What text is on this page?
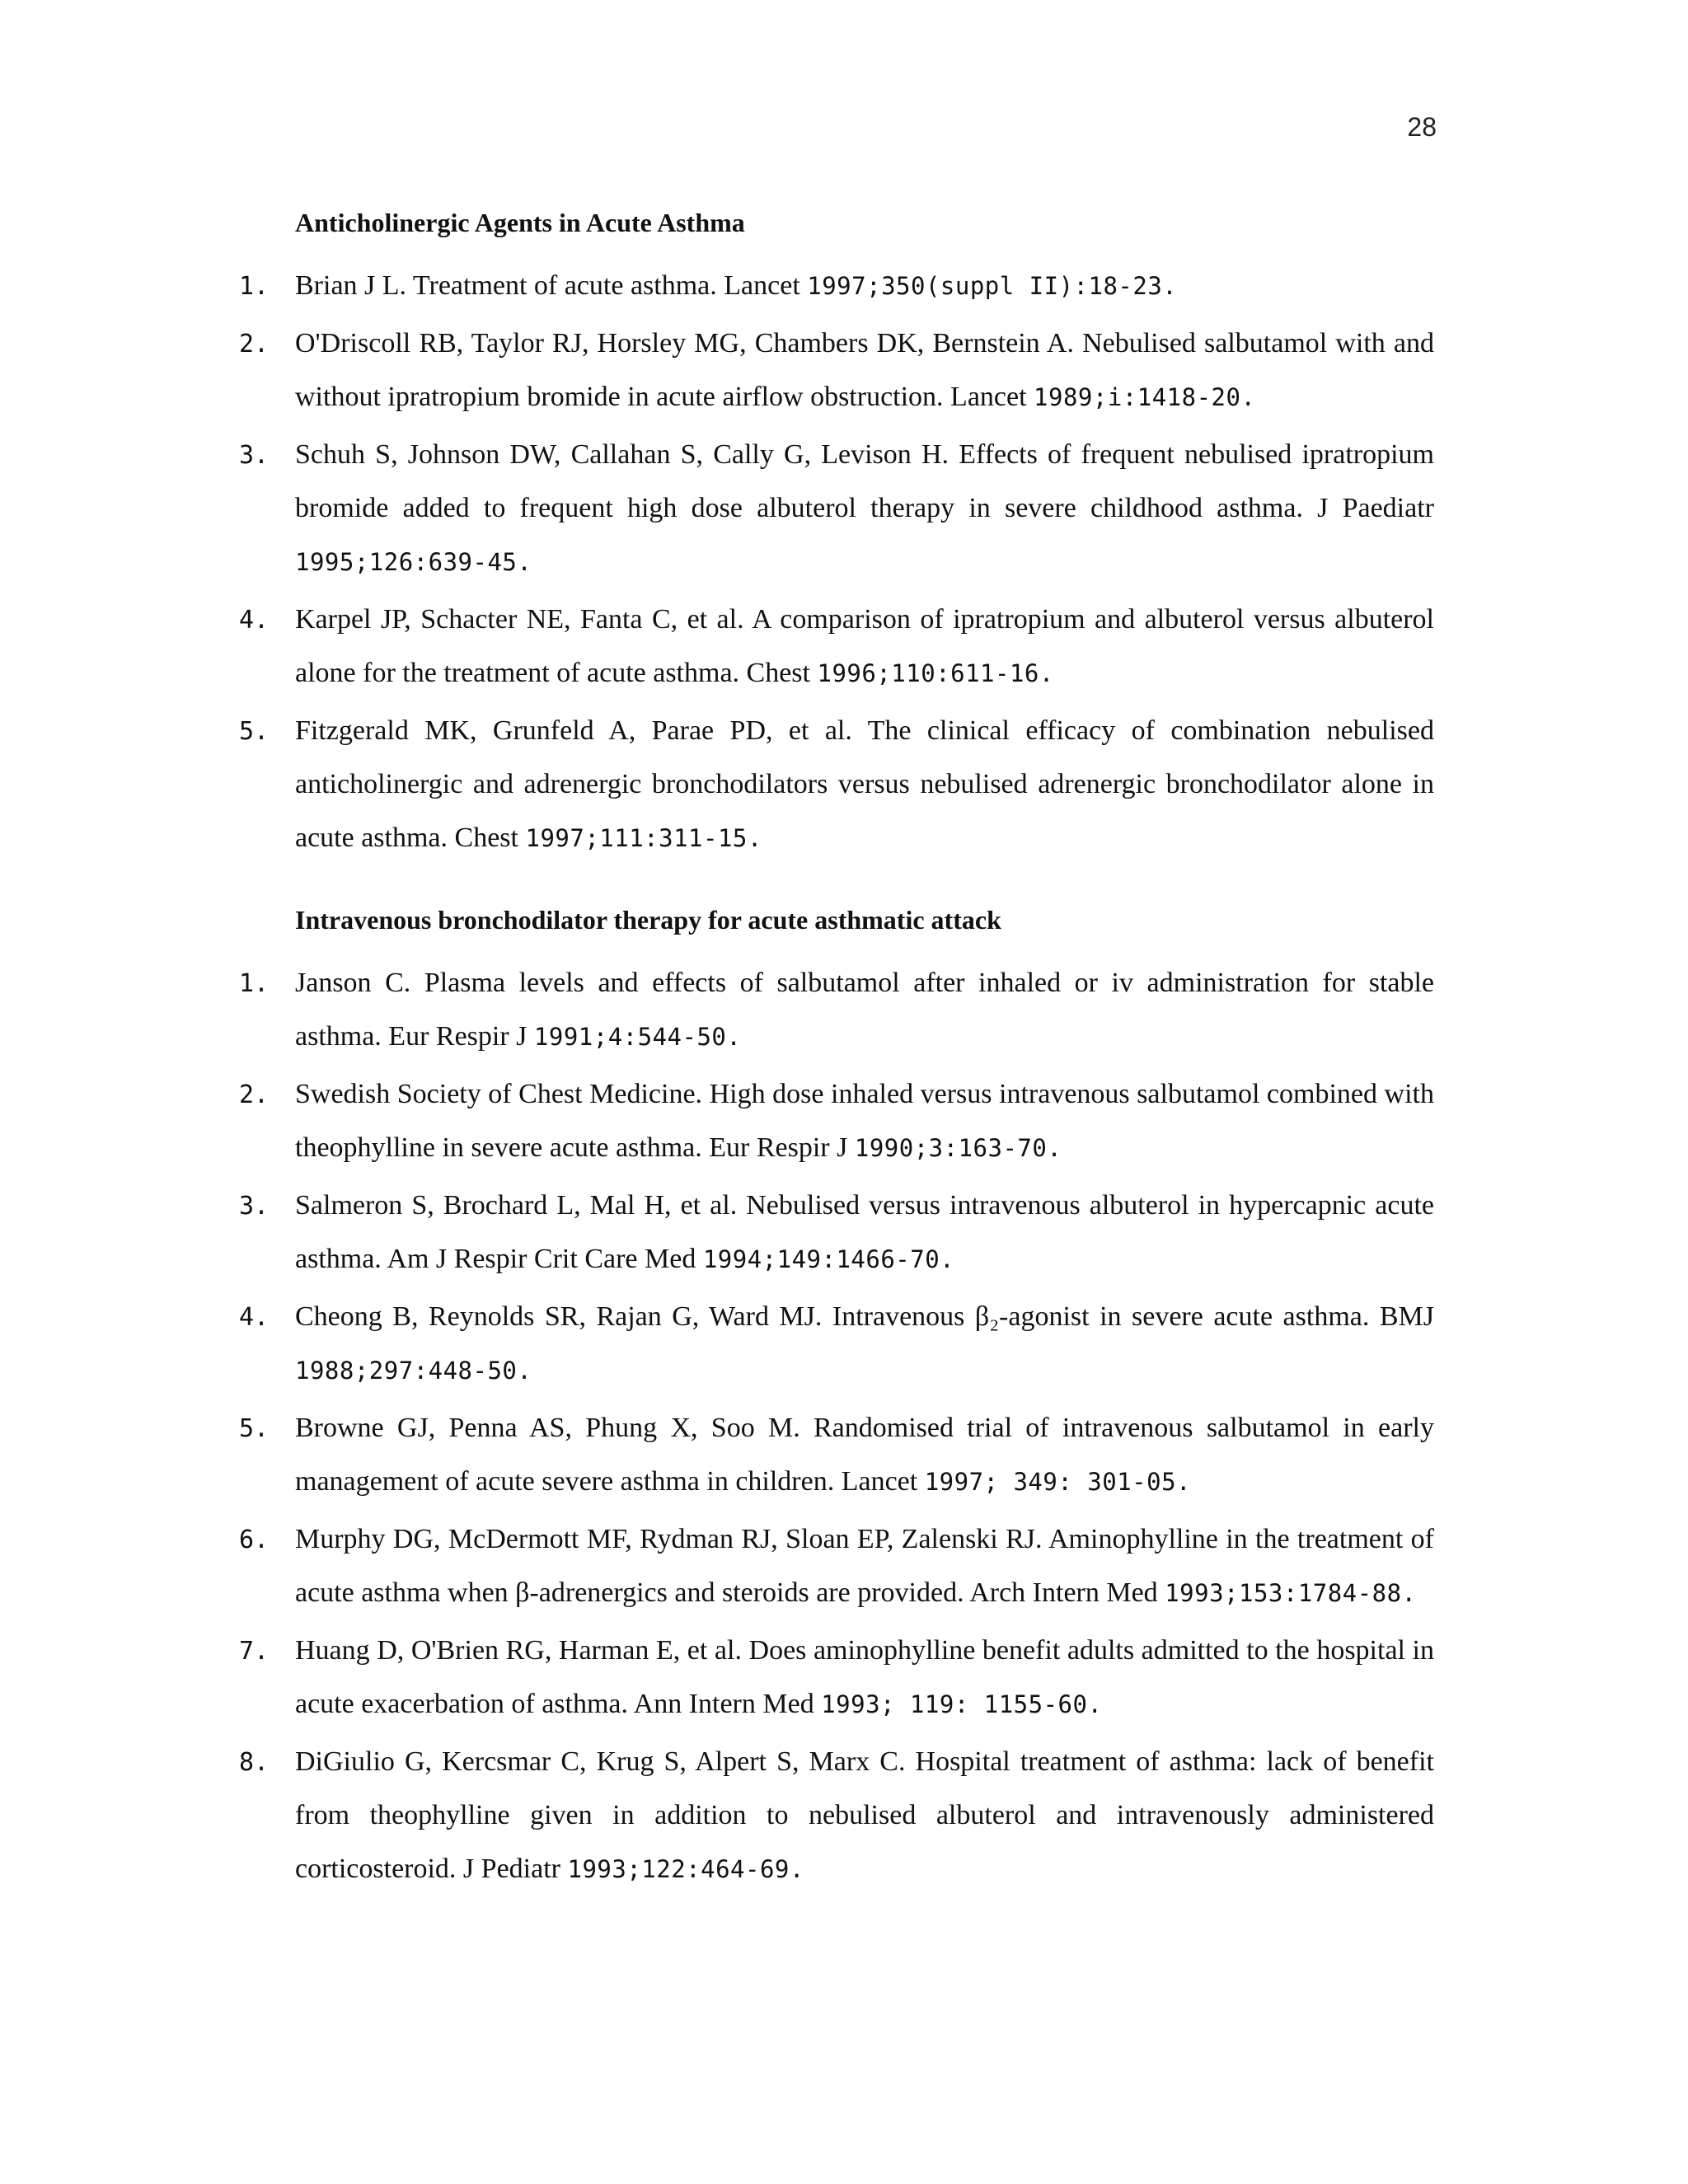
28
Anticholinergic Agents in Acute Asthma
1. Brian J L. Treatment of acute asthma. Lancet 1997;350(suppl II):18-23.
2. O'Driscoll RB, Taylor RJ, Horsley MG, Chambers DK, Bernstein A. Nebulised salbutamol with and without ipratropium bromide in acute airflow obstruction. Lancet 1989;i:1418-20.
3. Schuh S, Johnson DW, Callahan S, Cally G, Levison H. Effects of frequent nebulised ipratropium bromide added to frequent high dose albuterol therapy in severe childhood asthma. J Paediatr 1995;126:639-45.
4. Karpel JP, Schacter NE, Fanta C, et al. A comparison of ipratropium and albuterol versus albuterol alone for the treatment of acute asthma. Chest 1996;110:611-16.
5. Fitzgerald MK, Grunfeld A, Parae PD, et al. The clinical efficacy of combination nebulised anticholinergic and adrenergic bronchodilators versus nebulised adrenergic bronchodilator alone in acute asthma. Chest 1997;111:311-15.
Intravenous bronchodilator therapy for acute asthmatic attack
1. Janson C. Plasma levels and effects of salbutamol after inhaled or iv administration for stable asthma. Eur Respir J 1991;4:544-50.
2. Swedish Society of Chest Medicine. High dose inhaled versus intravenous salbutamol combined with theophylline in severe acute asthma. Eur Respir J 1990;3:163-70.
3. Salmeron S, Brochard L, Mal H, et al. Nebulised versus intravenous albuterol in hypercapnic acute asthma. Am J Respir Crit Care Med 1994;149:1466-70.
4. Cheong B, Reynolds SR, Rajan G, Ward MJ. Intravenous β₂-agonist in severe acute asthma. BMJ 1988;297:448-50.
5. Browne GJ, Penna AS, Phung X, Soo M. Randomised trial of intravenous salbutamol in early management of acute severe asthma in children. Lancet 1997; 349: 301-05.
6. Murphy DG, McDermott MF, Rydman RJ, Sloan EP, Zalenski RJ. Aminophylline in the treatment of acute asthma when β-adrenergics and steroids are provided. Arch Intern Med 1993;153:1784-88.
7. Huang D, O'Brien RG, Harman E, et al. Does aminophylline benefit adults admitted to the hospital in acute exacerbation of asthma. Ann Intern Med 1993; 119: 1155-60.
8. DiGiulio G, Kercsmar C, Krug S, Alpert S, Marx C. Hospital treatment of asthma: lack of benefit from theophylline given in addition to nebulised albuterol and intravenously administered corticosteroid. J Pediatr 1993;122:464-69.
